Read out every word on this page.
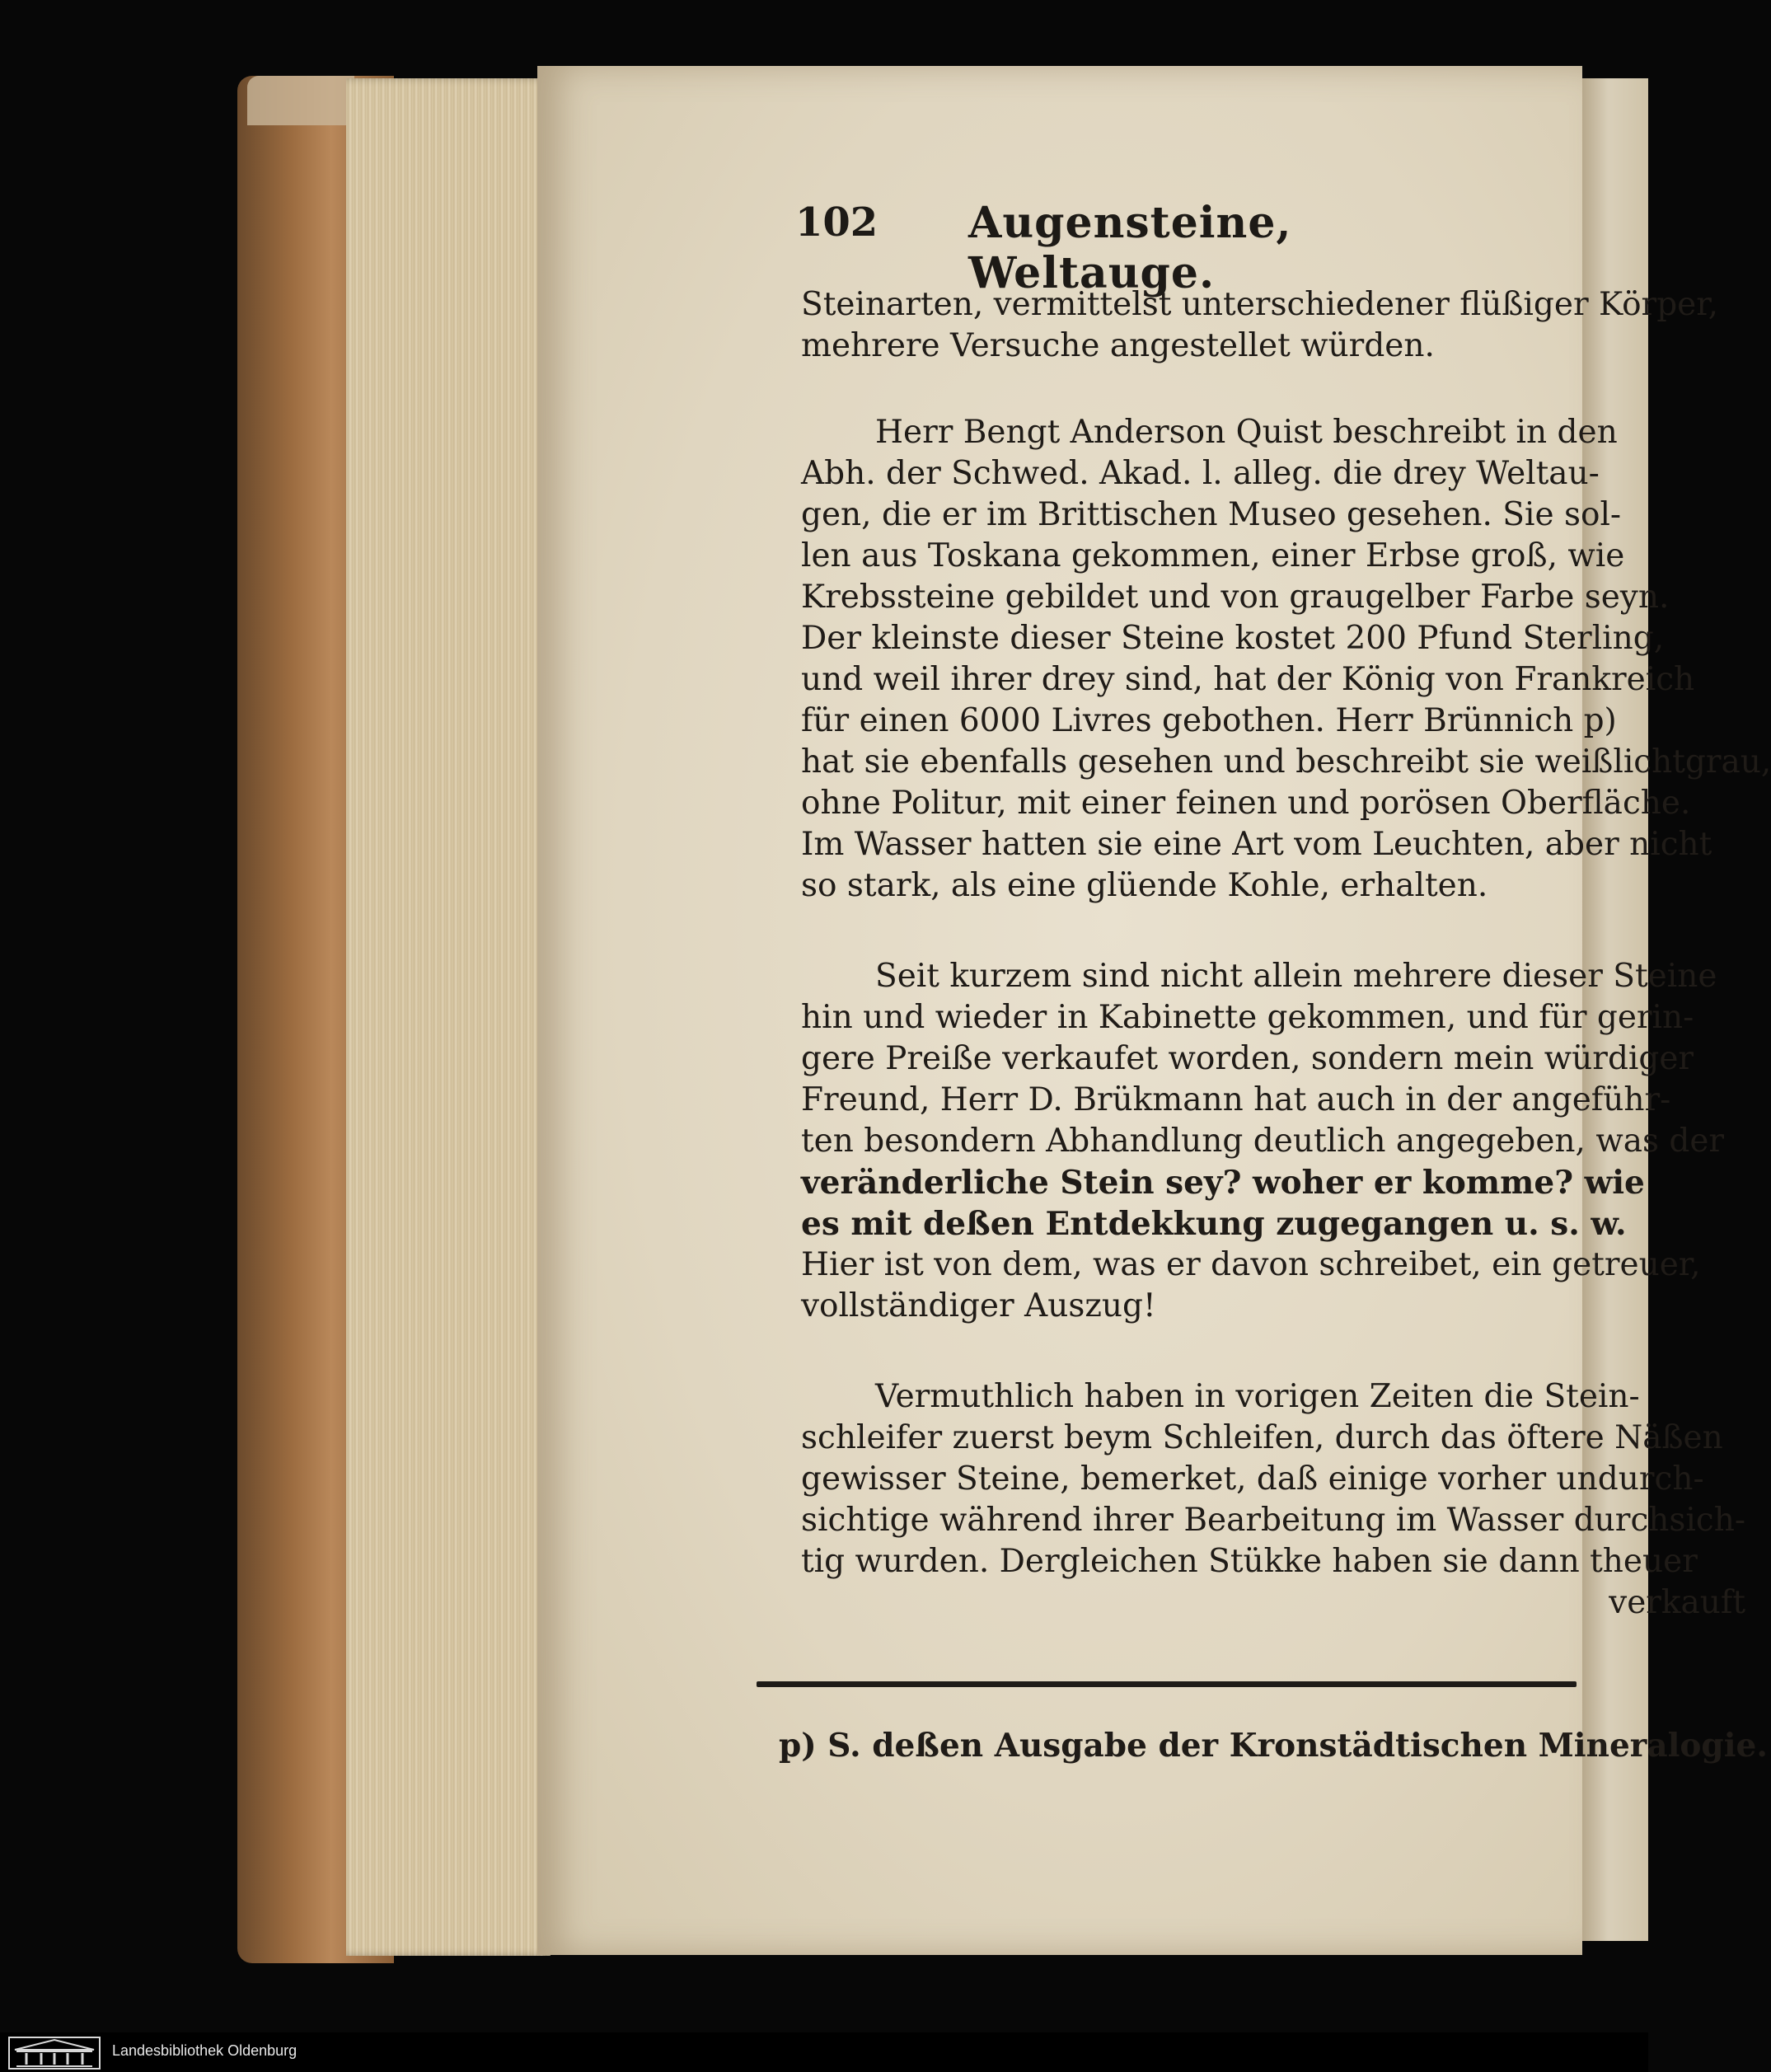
102 Augensteine, Weltauge.

Steinarten, vermittelst unterschiedener flüßiger Körper,

mehrere Versuche angestellet würden.

Herr Bengt Anderson Quist beschreibt in den

Abh. der Schwed. Akad. l. alleg. die drey Weltau-

gen, die er im Brittischen Museo gesehen. Sie sol-

len aus Toskana gekommen, einer Erbse groß, wie

Krebssteine gebildet und von graugelber Farbe seyn.

Der kleinste dieser Steine kostet 200 Pfund Sterling,

und weil ihrer drey sind, hat der König von Frankreich

für einen 6000 Livres gebothen. Herr Brünnich p)

hat sie ebenfalls gesehen und beschreibt sie weißlichtgrau,

ohne Politur, mit einer feinen und porösen Oberfläche.

Im Wasser hatten sie eine Art vom Leuchten, aber nicht

so stark, als eine glüende Kohle, erhalten.

Seit kurzem sind nicht allein mehrere dieser Steine

hin und wieder in Kabinette gekommen, und für gerin-

gere Preiße verkaufet worden, sondern mein würdiger

Freund, Herr D. Brükmann hat auch in der angeführ-

ten besondern Abhandlung deutlich angegeben, was der

veränderliche Stein sey? woher er komme? wie

es mit deßen Entdekkung zugegangen u. s. w.

Hier ist von dem, was er davon schreibet, ein getreuer,

vollständiger Auszug!

Vermuthlich haben in vorigen Zeiten die Stein-

schleifer zuerst beym Schleifen, durch das öftere Näßen

gewisser Steine, bemerket, daß einige vorher undurch-

sichtige während ihrer Bearbeitung im Wasser durchsich-

tig wurden. Dergleichen Stükke haben sie dann theuer

verkauft

p) S. deßen Ausgabe der Kronstädtischen Mineralogie.
Landesbibliothek Oldenburg
